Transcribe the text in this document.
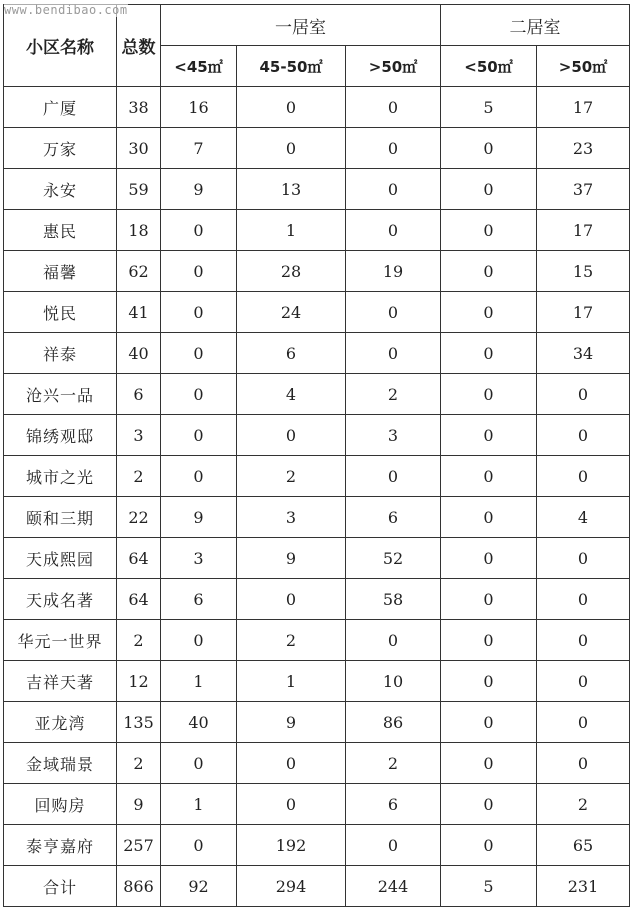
www.bendibao.com
小区名称	总数	一居室			二居室	
		<45㎡	45-50㎡	>50㎡	<50㎡	>50㎡
广厦	38	16	0	0	5	17
万家	30	7	0	0	0	23
永安	59	9	13	0	0	37
惠民	18	0	1	0	0	17
福馨	62	0	28	19	0	15
悦民	41	0	24	0	0	17
祥泰	40	0	6	0	0	34
沧兴一品	6	0	4	2	0	0
锦绣观邸	3	0	0	3	0	0
城市之光	2	0	2	0	0	0
颐和三期	22	9	3	6	0	4
天成熙园	64	3	9	52	0	0
天成名著	64	6	0	58	0	0
华元一世界	2	0	2	0	0	0
吉祥天著	12	1	1	10	0	0
亚龙湾	135	40	9	86	0	0
金域瑞景	2	0	0	2	0	0
回购房	9	1	0	6	0	2
泰亨嘉府	257	0	192	0	0	65
合计	866	92	294	244	5	231
